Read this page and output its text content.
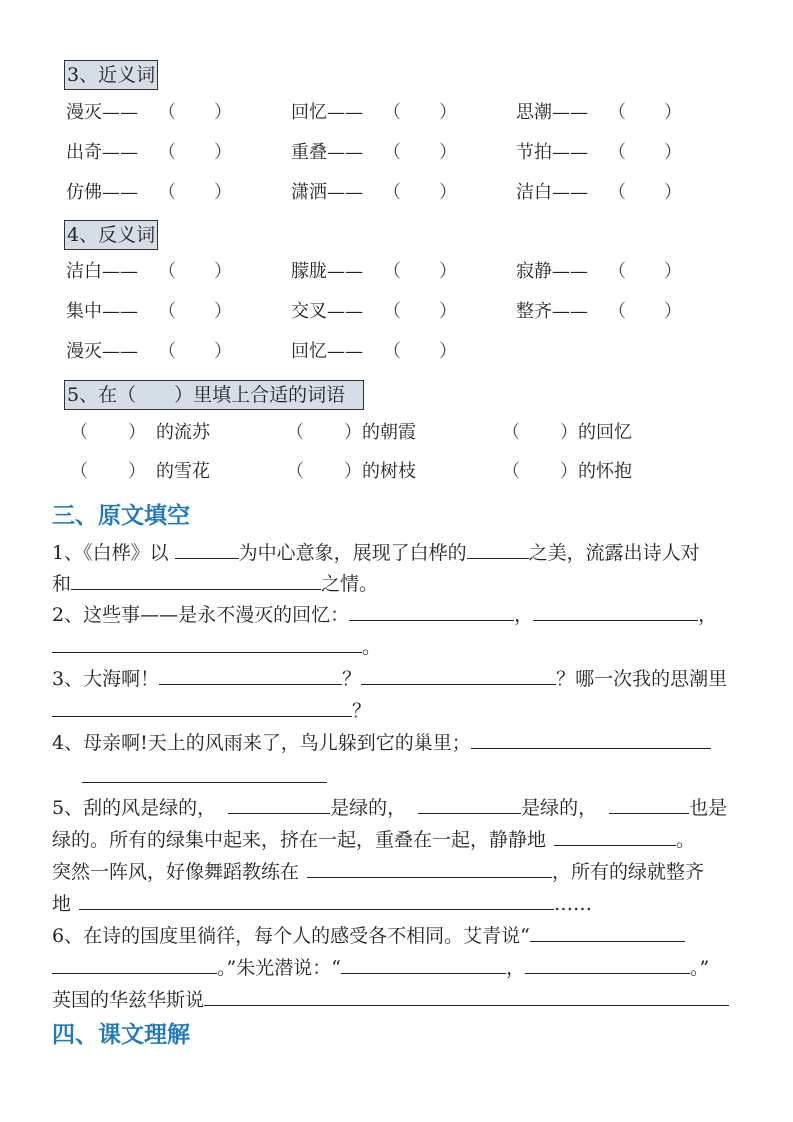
3、近义词
漫灭—— （ ）	回忆—— （ ）	思潮—— （ ）
出奇—— （ ）	重叠—— （ ）	节拍—— （ ）
仿佛—— （ ）	潇洒—— （ ）	洁白—— （ ）
4、反义词
洁白—— （ ）	朦胧—— （ ）	寂静—— （ ）
集中—— （ ）	交叉—— （ ）	整齐—— （ ）
漫灭—— （ ）	回忆—— （ ）
5、在（　　）里填上合适的词语
（ ） 的流苏	（ ）的朝霞	（ ）的回忆
（ ） 的雪花	（ ）的树枝	（ ）的怀抱
三、原文填空
1、《白桦》以	为中心意象，展现了白桦的	之美，流露出诗人对
和	之情。
2、这些事——是永不漫灭的回忆：	，	，
。
3、大海啊！	？	？哪一次我的思潮里
？
4、母亲啊!天上的风雨来了，鸟儿躲到它的巢里；
5、刮的风是绿的，	是绿的，	是绿的，	也是
绿的。所有的绿集中起来，挤在一起，重叠在一起，静静地	。
突然一阵风，好像舞蹈教练在	，所有的绿就整齐
地	……
6、在诗的国度里徜徉，每个人的感受各不相同。艾青说“
。”朱光潜说：“	，	。”
英国的华兹华斯说
四、课文理解
